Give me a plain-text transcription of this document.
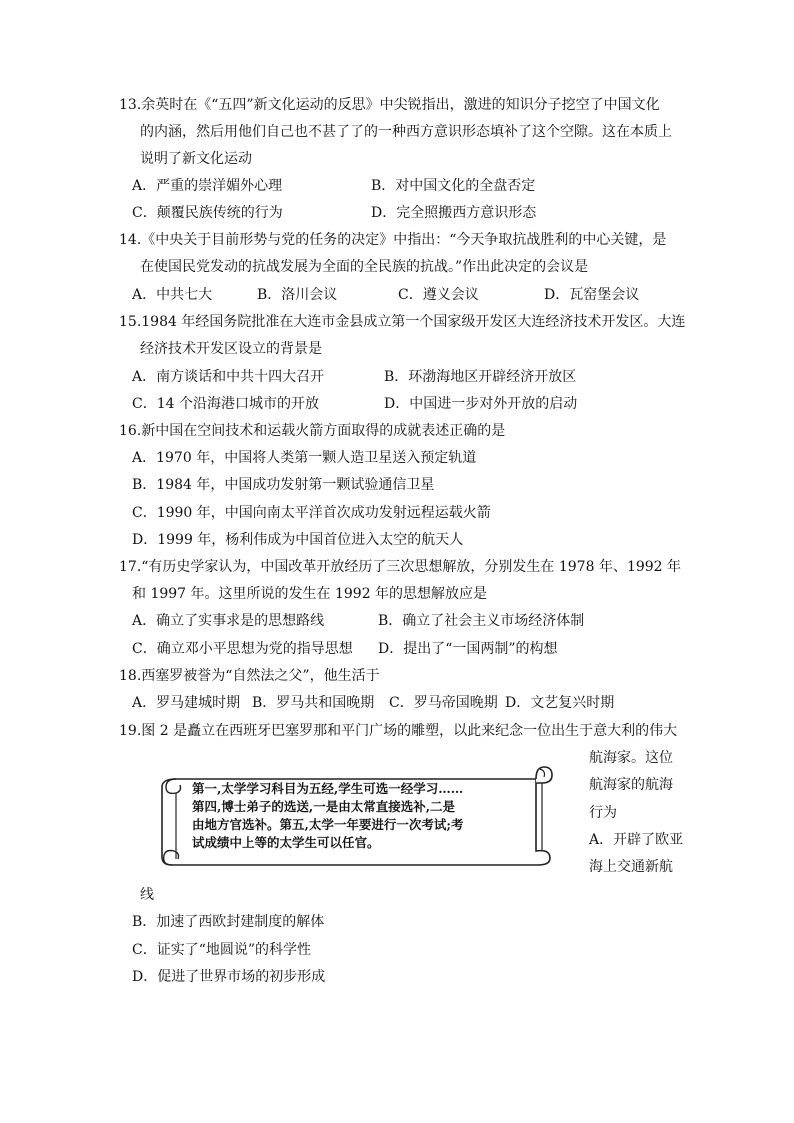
13.余英时在《“五四”新文化运动的反思》中尖锐指出，激进的知识分子挖空了中国文化
的内涵，然后用他们自己也不甚了了的一种西方意识形态填补了这个空隙。这在本质上
说明了新文化运动
A．严重的崇洋媚外心理	B．对中国文化的全盘否定
C．颠覆民族传统的行为	D．完全照搬西方意识形态
14.《中央关于目前形势与党的任务的决定》中指出：“今天争取抗战胜利的中心关键，是
在使国民党发动的抗战发展为全面的全民族的抗战。”作出此决定的会议是
A．中共七大	B．洛川会议	C．遵义会议	D．瓦窑堡会议
15.1984 年经国务院批准在大连市金县成立第一个国家级开发区大连经济技术开发区。大连
经济技术开发区设立的背景是
A．南方谈话和中共十四大召开	B．环渤海地区开辟经济开放区
C．14 个沿海港口城市的开放	D．中国进一步对外开放的启动
16.新中国在空间技术和运载火箭方面取得的成就表述正确的是
A．1970 年，中国将人类第一颗人造卫星送入预定轨道
B．1984 年，中国成功发射第一颗试验通信卫星
C．1990 年，中国向南太平洋首次成功发射远程运载火箭
D．1999 年，杨利伟成为中国首位进入太空的航天人
17.“有历史学家认为，中国改革开放经历了三次思想解放，分别发生在 1978 年、1992 年
和 1997 年。这里所说的发生在 1992 年的思想解放应是
A．确立了实事求是的思想路线	B．确立了社会主义市场经济体制
C．确立邓小平思想为党的指导思想 D．提出了“一国两制”的构想
18.西塞罗被誉为“自然法之父”，他生活于
A．罗马建城时期 B．罗马共和国晚期 C．罗马帝国晚期 D．文艺复兴时期
19.图 2 是矗立在西班牙巴塞罗那和平门广场的雕塑，以此来纪念一位出生于意大利的伟大
航海家。这位
航海家的航海
行为
A．开辟了欧亚
海上交通新航
线
B．加速了西欧封建制度的解体
C．证实了“地圆说”的科学性
D．促进了世界市场的初步形成
第一,太学学习科目为五经,学生可选一经学习……
第四,博士弟子的选送,一是由太常直接选补,二是
由地方官选补。第五,太学一年要进行一次考试;考
试成绩中上等的太学生可以任官。
